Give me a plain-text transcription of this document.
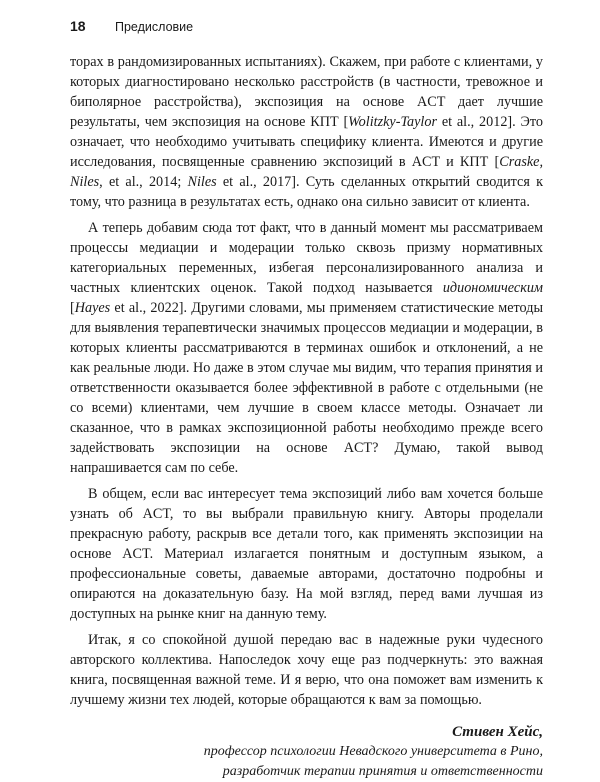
18	Предисловие

торах в рандомизированных испытаниях). Скажем, при работе с клиентами, у которых диагностировано несколько расстройств (в частности, тревожное и биполярное расстройства), экспозиция на основе ACT дает лучшие результаты, чем экспозиция на основе КПТ [Wolitzky-Taylor et al., 2012]. Это означает, что необходимо учитывать специфику клиента. Имеются и другие исследования, посвященные сравнению экспозиций в ACT и КПТ [Craske, Niles, et al., 2014; Niles et al., 2017]. Суть сделанных открытий сводится к тому, что разница в результатах есть, однако она сильно зависит от клиента.

А теперь добавим сюда тот факт, что в данный момент мы рассматриваем процессы медиации и модерации только сквозь призму нормативных категориальных переменных, избегая персонализированного анализа и частных клиентских оценок. Такой подход называется идиономическим [Hayes et al., 2022]. Другими словами, мы применяем статистические методы для выявления терапевтически значимых процессов медиации и модерации, в которых клиенты рассматриваются в терминах ошибок и отклонений, а не как реальные люди. Но даже в этом случае мы видим, что терапия принятия и ответственности оказывается более эффективной в работе с отдельными (не со всеми) клиентами, чем лучшие в своем классе методы. Означает ли сказанное, что в рамках экспозиционной работы необходимо прежде всего задействовать экспозиции на основе ACT? Думаю, такой вывод напрашивается сам по себе.

В общем, если вас интересует тема экспозиций либо вам хочется больше узнать об ACT, то вы выбрали правильную книгу. Авторы проделали прекрасную работу, раскрыв все детали того, как применять экспозиции на основе ACT. Материал излагается понятным и доступным языком, а профессиональные советы, даваемые авторами, достаточно подробны и опираются на доказательную базу. На мой взгляд, перед вами лучшая из доступных на рынке книг на данную тему.

Итак, я со спокойной душой передаю вас в надежные руки чудесного авторского коллектива. Напоследок хочу еще раз подчеркнуть: это важная книга, посвященная важной теме. И я верю, что она поможет вам изменить к лучшему жизни тех людей, которые обращаются к вам за помощью.

Стивен Хейс,
профессор психологии Невадского университета в Рино,
разработчик терапии принятия и ответственности
